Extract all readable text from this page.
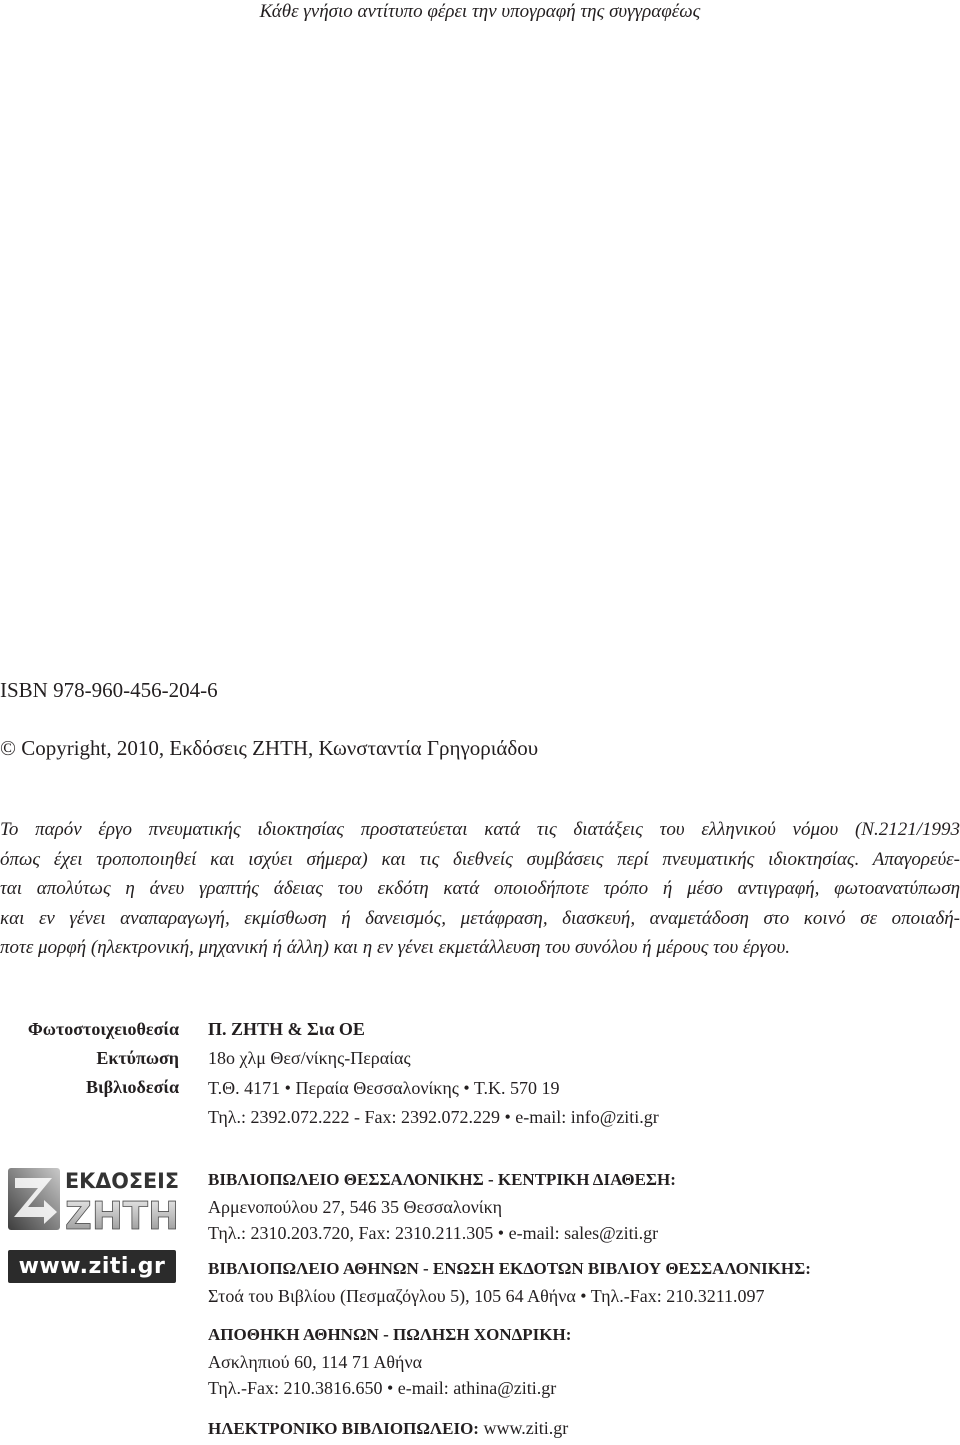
Κάθε γνήσιο αντίτυπο φέρει την υπογραφή της συγγραφέως
ISBN 978-960-456-204-6
© Copyright, 2010, Εκδόσεις ΖΗΤΗ, Κωνσταντία Γρηγοριάδου
Το παρόν έργο πνευματικής ιδιοκτησίας προστατεύεται κατά τις διατάξεις του ελληνικού νόμου (Ν.2121/1993
όπως έχει τροποποιηθεί και ισχύει σήμερα) και τις διεθνείς συμβάσεις περί πνευματικής ιδιοκτησίας. Απαγορεύε-
ται απολύτως η άνευ γραπτής άδειας του εκδότη κατά οποιοδήποτε τρόπο ή μέσο αντιγραφή, φωτοανατύπωση
και εν γένει αναπαραγωγή, εκμίσθωση ή δανεισμός, μετάφραση, διασκευή, αναμετάδοση στο κοινό σε οποιαδή-
ποτε μορφή (ηλεκτρονική, μηχανική ή άλλη) και η εν γένει εκμετάλλευση του συνόλου ή μέρους του έργου.
Φωτοστοιχειοθεσία
Εκτύπωση
Βιβλιοδεσία
Π. ΖΗΤΗ & Σια ΟΕ
18ο χλμ Θεσ/νίκης-Περαίας
Τ.Θ. 4171 • Περαία Θεσσαλονίκης • Τ.Κ. 570 19
Τηλ.: 2392.072.222 - Fax: 2392.072.229 • e-mail: info@ziti.gr
ΕΚΔΟΣΕΙΣ
ΖΗΤΗ
www.ziti.gr
ΒΙΒΛΙΟΠΩΛΕΙΟ ΘΕΣΣΑΛΟΝΙΚΗΣ - ΚΕΝΤΡΙΚΗ ΔΙΑΘΕΣΗ:
Αρμενοπούλου 27, 546 35 Θεσσαλονίκη
Τηλ.: 2310.203.720, Fax: 2310.211.305 • e-mail: sales@ziti.gr
ΒΙΒΛΙΟΠΩΛΕΙΟ ΑΘΗΝΩΝ - ΕΝΩΣΗ ΕΚΔΟΤΩΝ ΒΙΒΛΙΟΥ ΘΕΣΣΑΛΟΝΙΚΗΣ:
Στοά του Βιβλίου (Πεσμαζόγλου 5), 105 64 Αθήνα • Τηλ.-Fax: 210.3211.097
ΑΠΟΘΗΚΗ ΑΘΗΝΩΝ - ΠΩΛΗΣΗ ΧΟΝΔΡΙΚΗ:
Ασκληπιού 60, 114 71 Αθήνα
Τηλ.-Fax: 210.3816.650 • e-mail: athina@ziti.gr
ΗΛΕΚΤΡΟΝΙΚΟ ΒΙΒΛΙΟΠΩΛΕΙΟ: www.ziti.gr
